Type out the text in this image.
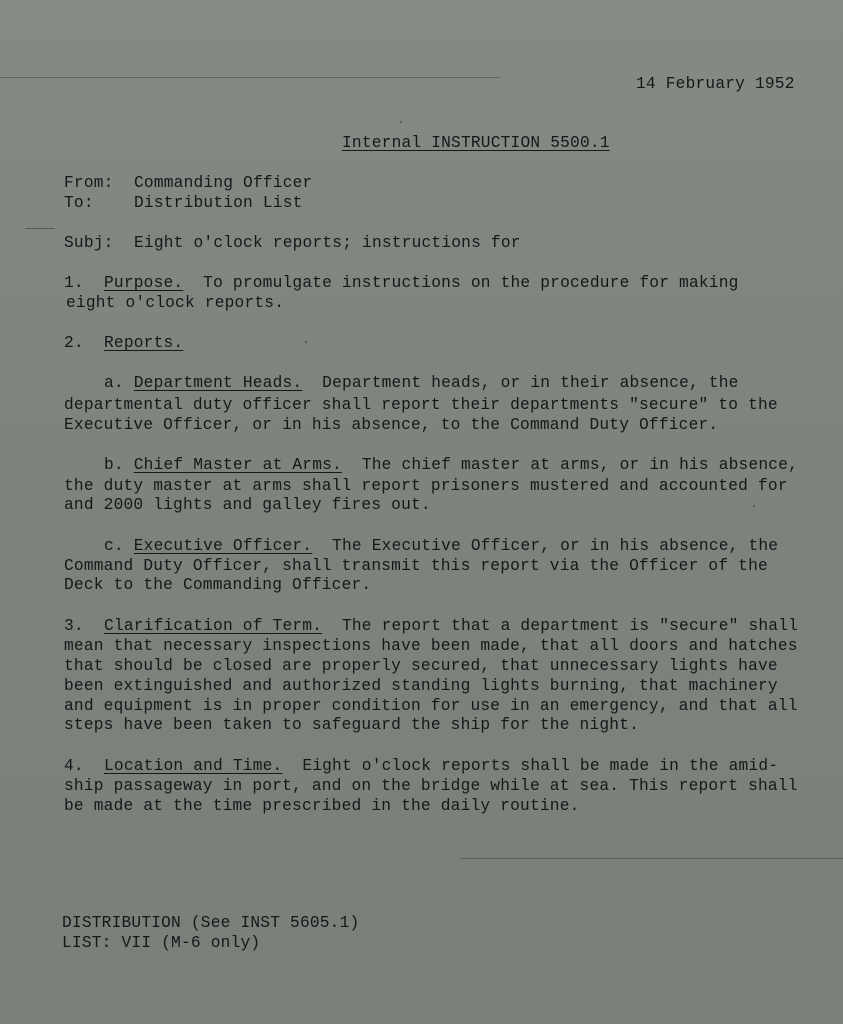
14 February 1952
Internal INSTRUCTION 5500.1
From: Commanding Officer
To: Distribution List
Subj: Eight o'clock reports; instructions for
1. Purpose. To promulgate instructions on the procedure for making
eight o'clock reports.
2. Reports.
a. Department Heads. Department heads, or in their absence, the
departmental duty officer shall report their departments "secure" to the
Executive Officer, or in his absence, to the Command Duty Officer.
b. Chief Master at Arms. The chief master at arms, or in his absence,
the duty master at arms shall report prisoners mustered and accounted for
and 2000 lights and galley fires out.
c. Executive Officer. The Executive Officer, or in his absence, the
Command Duty Officer, shall transmit this report via the Officer of the
Deck to the Commanding Officer.
3. Clarification of Term. The report that a department is "secure" shall
mean that necessary inspections have been made, that all doors and hatches
that should be closed are properly secured, that unnecessary lights have
been extinguished and authorized standing lights burning, that machinery
and equipment is in proper condition for use in an emergency, and that all
steps have been taken to safeguard the ship for the night.
4. Location and Time. Eight o'clock reports shall be made in the amid-
ship passageway in port, and on the bridge while at sea. This report shall
be made at the time prescribed in the daily routine.
DISTRIBUTION (See INST 5605.1)
LIST: VII (M-6 only)
